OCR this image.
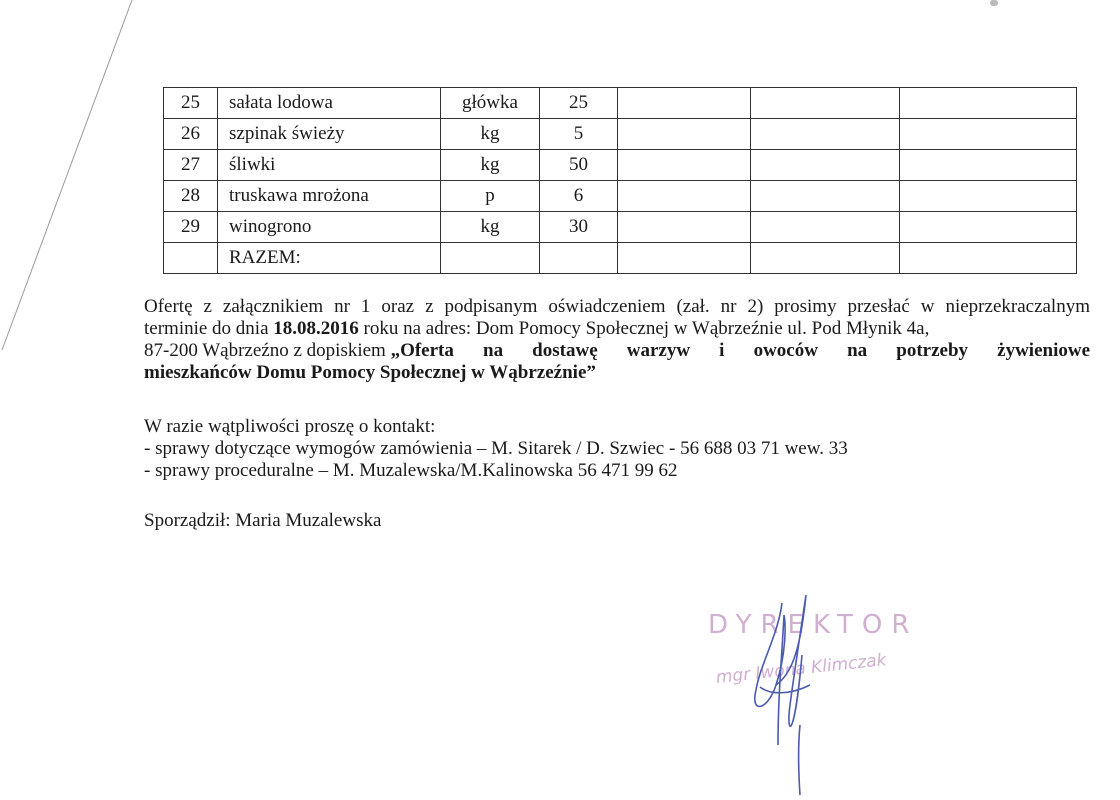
25	sałata lodowa	główka	25			
26	szpinak świeży	kg	5			
27	śliwki	kg	50			
28	truskawa mrożona	p	6			
29	winogrono	kg	30			
	RAZEM:					
Ofertę z załącznikiem nr 1 oraz z podpisanym oświadczeniem (zał. nr 2) prosimy przesłać w nieprzekraczalnym
terminie do dnia 18.08.2016 roku na adres: Dom Pomocy Społecznej w Wąbrzeźnie ul. Pod Młynik 4a,
87-200 Wąbrzeźno z dopiskiem „Oferta na dostawę warzyw i owoców na potrzeby żywieniowe
mieszkańców Domu Pomocy Społecznej w Wąbrzeźnie”
W razie wątpliwości proszę o kontakt:
- sprawy dotyczące wymogów zamówienia – M. Sitarek / D. Szwiec - 56 688 03 71 wew. 33
- sprawy proceduralne – M. Muzalewska/M.Kalinowska 56 471 99 62
Sporządził: Maria Muzalewska
DYREKTOR
mgr Iwona Klimczak
